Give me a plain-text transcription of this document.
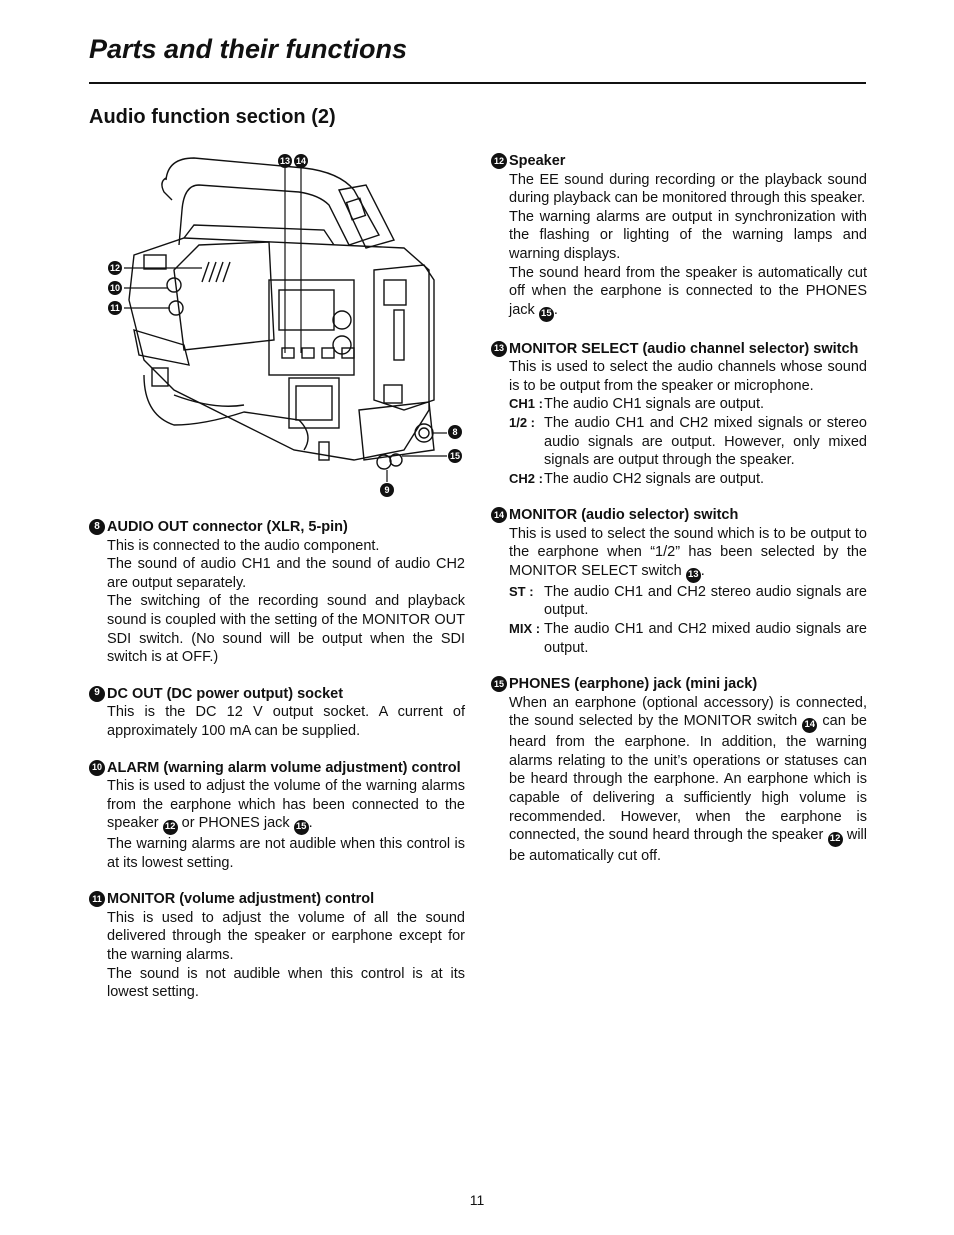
Parts and their functions
Audio function section (2)
13 14
12
10
11
8
15
9
8 AUDIO OUT connector (XLR, 5-pin)

This is connected to the audio component.

The sound of audio CH1 and the sound of audio CH2 are output separately.

The switching of the recording sound and playback sound is coupled with the setting of the MONITOR OUT SDI switch. (No sound will be output when the SDI switch is at OFF.)

9 DC OUT (DC power output) socket

This is the DC 12 V output socket. A current of approximately 100 mA can be supplied.

10 ALARM (warning alarm volume adjustment) control

This is used to adjust the volume of the warning alarms from the earphone which has been connected to the speaker 12 or PHONES jack 15 .

The warning alarms are not audible when this control is at its lowest setting.

11 MONITOR (volume adjustment) control

This is used to adjust the volume of all the sound delivered through the speaker or earphone except for the warning alarms.

The sound is not audible when this control is at its lowest setting.

12 Speaker

The EE sound during recording or the playback sound during playback can be monitored through this speaker.

The warning alarms are output in synchronization with the flashing or lighting of the warning lamps and warning displays.

The sound heard from the speaker is automatically cut off when the earphone is connected to the PHONES jack 15 .

13 MONITOR SELECT (audio channel selector) switch

This is used to select the audio channels whose sound is to be output from the speaker or microphone.

CH1 : The audio CH1 signals are output.
1/2 : The audio CH1 and CH2 mixed signals or stereo audio signals are output. However, only mixed signals are output through the speaker.
CH2 : The audio CH2 signals are output.
14 MONITOR (audio selector) switch

This is used to select the sound which is to be output to the earphone when “1/2” has been selected by the MONITOR SELECT switch 13 .

ST : The audio CH1 and CH2 stereo audio signals are output.
MIX : The audio CH1 and CH2 mixed audio signals are output.
15 PHONES (earphone) jack (mini jack)

When an earphone (optional accessory) is connected, the sound selected by the MONITOR switch 14 can be heard from the earphone. In addition, the warning alarms relating to the unit’s operations or statuses can be heard through the earphone. An earphone which is capable of delivering a sufficiently high volume is recommended. However, when the earphone is connected, the sound heard through the speaker 12 will be automatically cut off.

11
